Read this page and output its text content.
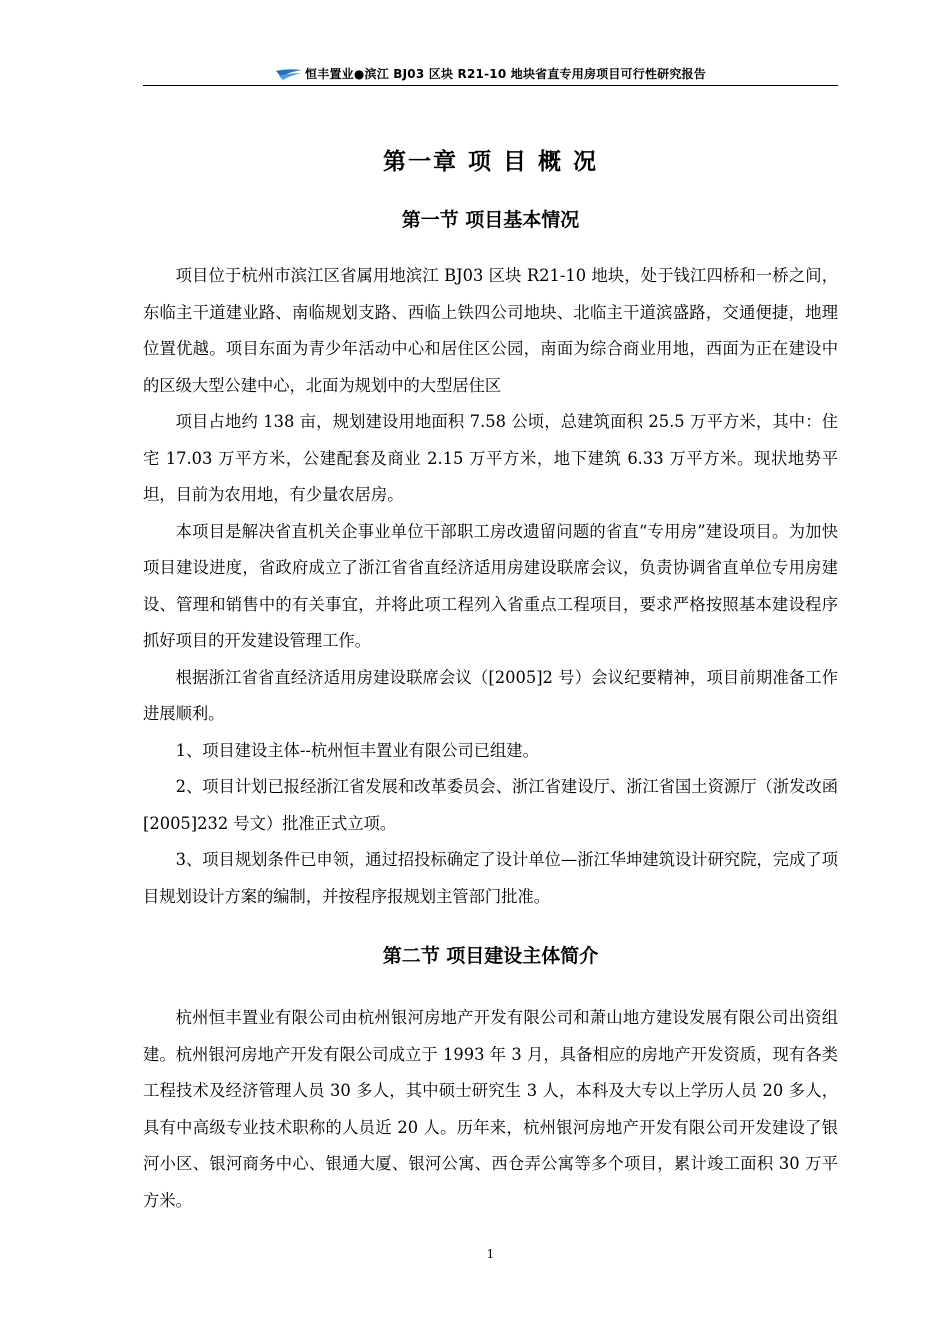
恒丰置业●滨江 BJ03 区块 R21-10 地块省直专用房项目可行性研究报告
第一章 项 目 概 况
第一节 项目基本情况

项目位于杭州市滨江区省属用地滨江 BJ03 区块 R21-10 地块，处于钱江四桥和一桥之间，东临主干道建业路、南临规划支路、西临上铁四公司地块、北临主干道滨盛路，交通便捷，地理位置优越。项目东面为青少年活动中心和居住区公园，南面为综合商业用地，西面为正在建设中的区级大型公建中心，北面为规划中的大型居住区

项目占地约 138 亩，规划建设用地面积 7.58 公顷，总建筑面积 25.5 万平方米，其中：住宅 17.03 万平方米，公建配套及商业 2.15 万平方米，地下建筑 6.33 万平方米。现状地势平坦，目前为农用地，有少量农居房。

本项目是解决省直机关企事业单位干部职工房改遗留问题的省直“专用房”建设项目。为加快项目建设进度，省政府成立了浙江省省直经济适用房建设联席会议，负责协调省直单位专用房建设、管理和销售中的有关事宜，并将此项工程列入省重点工程项目，要求严格按照基本建设程序抓好项目的开发建设管理工作。

根据浙江省省直经济适用房建设联席会议（[2005]2 号）会议纪要精神，项目前期准备工作进展顺利。

1、项目建设主体--杭州恒丰置业有限公司已组建。

2、项目计划已报经浙江省发展和改革委员会、浙江省建设厅、浙江省国土资源厅（浙发改函[2005]232 号文）批准正式立项。

3、项目规划条件已申领，通过招投标确定了设计单位—浙江华坤建筑设计研究院，完成了项目规划设计方案的编制，并按程序报规划主管部门批准。

第二节 项目建设主体简介

杭州恒丰置业有限公司由杭州银河房地产开发有限公司和萧山地方建设发展有限公司出资组建。杭州银河房地产开发有限公司成立于 1993 年 3 月，具备相应的房地产开发资质，现有各类工程技术及经济管理人员 30 多人，其中硕士研究生 3 人，本科及大专以上学历人员 20 多人，具有中高级专业技术职称的人员近 20 人。历年来，杭州银河房地产开发有限公司开发建设了银河小区、银河商务中心、银通大厦、银河公寓、西仓弄公寓等多个项目，累计竣工面积 30 万平方米。

1
